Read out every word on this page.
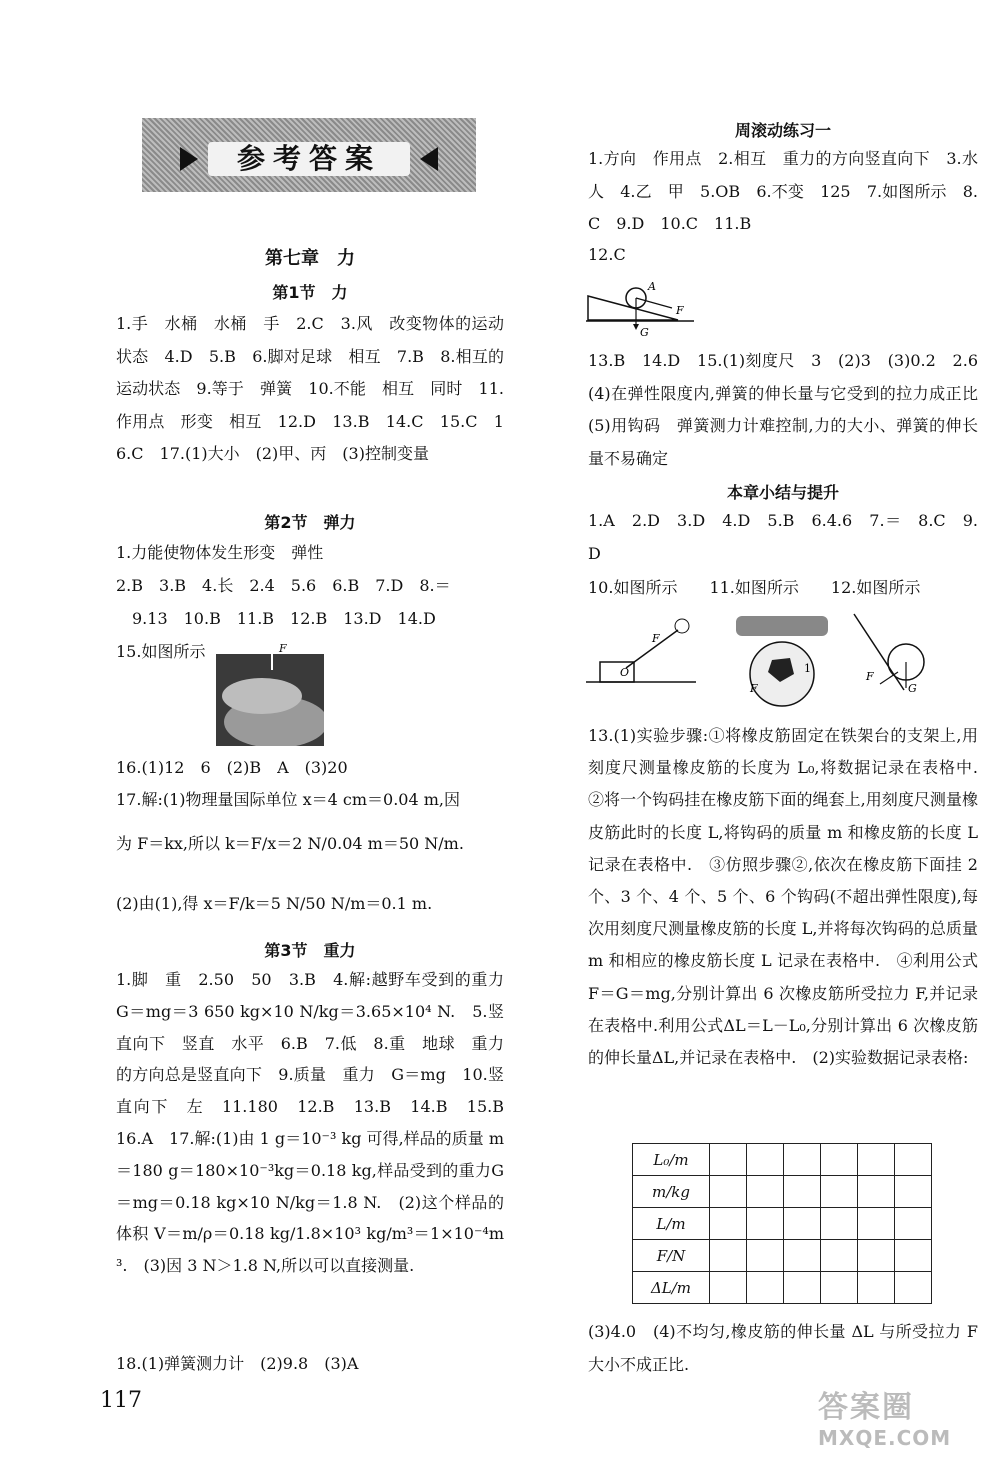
参考答案
第七章　力
第1节　力
1.手　水桶　水桶　手　2.C　3.风　改变物体的运动状态　4.D　5.B　6.脚对足球　相互　7.B　8.相互的　运动状态　9.等于　弹簧　10.不能　相互　同时　11.作用点　形变　相互　12.D　13.B　14.C　15.C　16.C　17.(1)大小　(2)甲、丙　(3)控制变量
第2节　弹力
1.力能使物体发生形变　弹性
2.B　3.B　4.长　2.4　5.6　6.B　7.D　8.＝
　9.13　10.B　11.B　12.B　13.D　14.D
15.如图所示	F
16.(1)12　6　(2)B　A　(3)20
17.解:(1)物理量国际单位 x＝4 cm＝0.04 m,因
为 F＝kx,所以 k＝F/x＝2 N/0.04 m＝50 N/m.
(2)由(1),得 x＝F/k＝5 N/50 N/m＝0.1 m.
第3节　重力
1.脚　重　2.50　50　3.B　4.解:越野车受到的重力 G＝mg＝3 650 kg×10 N/kg＝3.65×10⁴ N.　5.竖直向下　竖直　水平　6.B　7.低　8.重　地球　重力的方向总是竖直向下　9.质量　重力　G＝mg　10.竖直向下　左　11.180　12.B　13.B　14.B　15.B　16.A　17.解:(1)由 1 g＝10⁻³ kg 可得,样品的质量 m＝180 g＝180×10⁻³kg＝0.18 kg,样品受到的重力G＝mg＝0.18 kg×10 N/kg＝1.8 N.　(2)这个样品的体积 V＝m/ρ＝0.18 kg/1.8×10³ kg/m³＝1×10⁻⁴m³.　(3)因 3 N＞1.8 N,所以可以直接测量.
18.(1)弹簧测力计　(2)9.8　(3)A
117
周滚动练习一
1.方向　作用点　2.相互　重力的方向竖直向下　3.水　人　4.乙　甲　5.OB　6.不变　125　7.如图所示　8.C　9.D　10.C　11.B
12.C
A
F
G
13.B　14.D　15.(1)刻度尺　3　(2)3　(3)0.2　2.6　(4)在弹性限度内,弹簧的伸长量与它受到的拉力成正比　(5)用钩码　弹簧测力计难控制,力的大小、弹簧的伸长量不易确定
本章小结与提升
1.A　2.D　3.D　4.D　5.B　6.4.6　7.＝　8.C　9.D
10.如图所示　　11.如图所示　　12.如图所示
O
F
F
1
F
G
13.(1)实验步骤:①将橡皮筋固定在铁架台的支架上,用刻度尺测量橡皮筋的长度为 L₀,将数据记录在表格中.　②将一个钩码挂在橡皮筋下面的绳套上,用刻度尺测量橡皮筋此时的长度 L,将钩码的质量 m 和橡皮筋的长度 L 记录在表格中.　③仿照步骤②,依次在橡皮筋下面挂 2 个、3 个、4 个、5 个、6 个钩码(不超出弹性限度),每次用刻度尺测量橡皮筋的长度 L,并将每次钩码的总质量 m 和相应的橡皮筋长度 L 记录在表格中.　④利用公式 F＝G＝mg,分别计算出 6 次橡皮筋所受拉力 F,并记录在表格中.利用公式ΔL＝L－L₀,分别计算出 6 次橡皮筋的伸长量ΔL,并记录在表格中.　(2)实验数据记录表格:
L₀/m						
m/kg						
L/m						
F/N						
ΔL/m						
(3)4.0　(4)不均匀,橡皮筋的伸长量 ΔL 与所受拉力 F 大小不成正比.
答案圈
MXQE.COM
